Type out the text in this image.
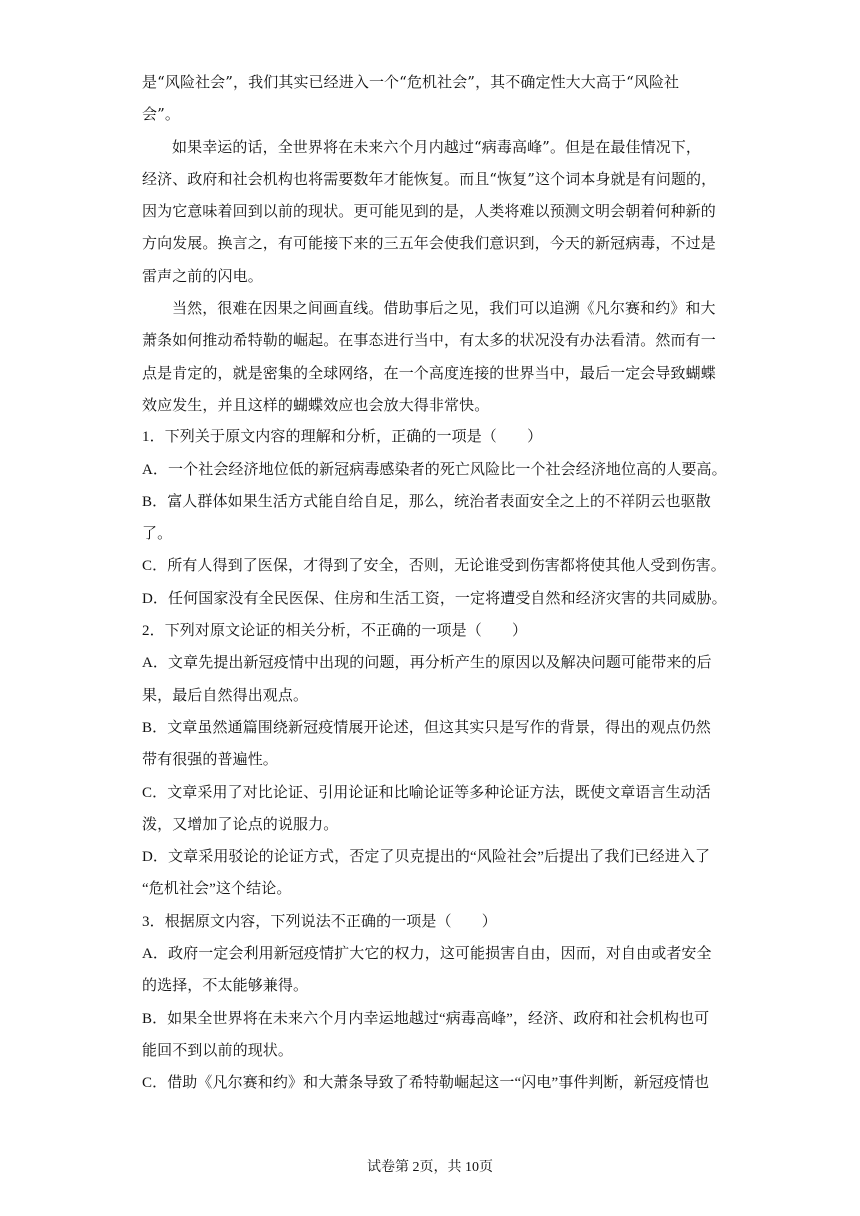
是“风险社会”，我们其实已经进入一个“危机社会”，其不确定性大大高于“风险社
会”。
如果幸运的话，全世界将在未来六个月内越过“病毒高峰”。但是在最佳情况下，
经济、政府和社会机构也将需要数年才能恢复。而且“恢复”这个词本身就是有问题的，
因为它意味着回到以前的现状。更可能见到的是，人类将难以预测文明会朝着何种新的
方向发展。换言之，有可能接下来的三五年会使我们意识到，今天的新冠病毒，不过是
雷声之前的闪电。
当然，很难在因果之间画直线。借助事后之见，我们可以追溯《凡尔赛和约》和大
萧条如何推动希特勒的崛起。在事态进行当中，有太多的状况没有办法看清。然而有一
点是肯定的，就是密集的全球网络，在一个高度连接的世界当中，最后一定会导致蝴蝶
效应发生，并且这样的蝴蝶效应也会放大得非常快。
1．下列关于原文内容的理解和分析，正确的一项是（　　）
A．一个社会经济地位低的新冠病毒感染者的死亡风险比一个社会经济地位高的人要高。
B．富人群体如果生活方式能自给自足，那么，统治者表面安全之上的不祥阴云也驱散
了。
C．所有人得到了医保，才得到了安全，否则，无论谁受到伤害都将使其他人受到伤害。
D．任何国家没有全民医保、住房和生活工资，一定将遭受自然和经济灾害的共同威胁。
2．下列对原文论证的相关分析，不正确的一项是（　　）
A．文章先提出新冠疫情中出现的问题，再分析产生的原因以及解决问题可能带来的后
果，最后自然得出观点。
B．文章虽然通篇围绕新冠疫情展开论述，但这其实只是写作的背景，得出的观点仍然
带有很强的普遍性。
C．文章采用了对比论证、引用论证和比喻论证等多种论证方法，既使文章语言生动活
泼，又增加了论点的说服力。
D．文章采用驳论的论证方式，否定了贝克提出的“风险社会”后提出了我们已经进入了
“危机社会”这个结论。
3．根据原文内容，下列说法不正确的一项是（　　）
A．政府一定会利用新冠疫情扩大它的权力，这可能损害自由，因而，对自由或者安全
的选择，不太能够兼得。
B．如果全世界将在未来六个月内幸运地越过“病毒高峰”，经济、政府和社会机构也可
能回不到以前的现状。
C．借助《凡尔赛和约》和大萧条导致了希特勒崛起这一“闪电”事件判断，新冠疫情也
试卷第 2页，共 10页
